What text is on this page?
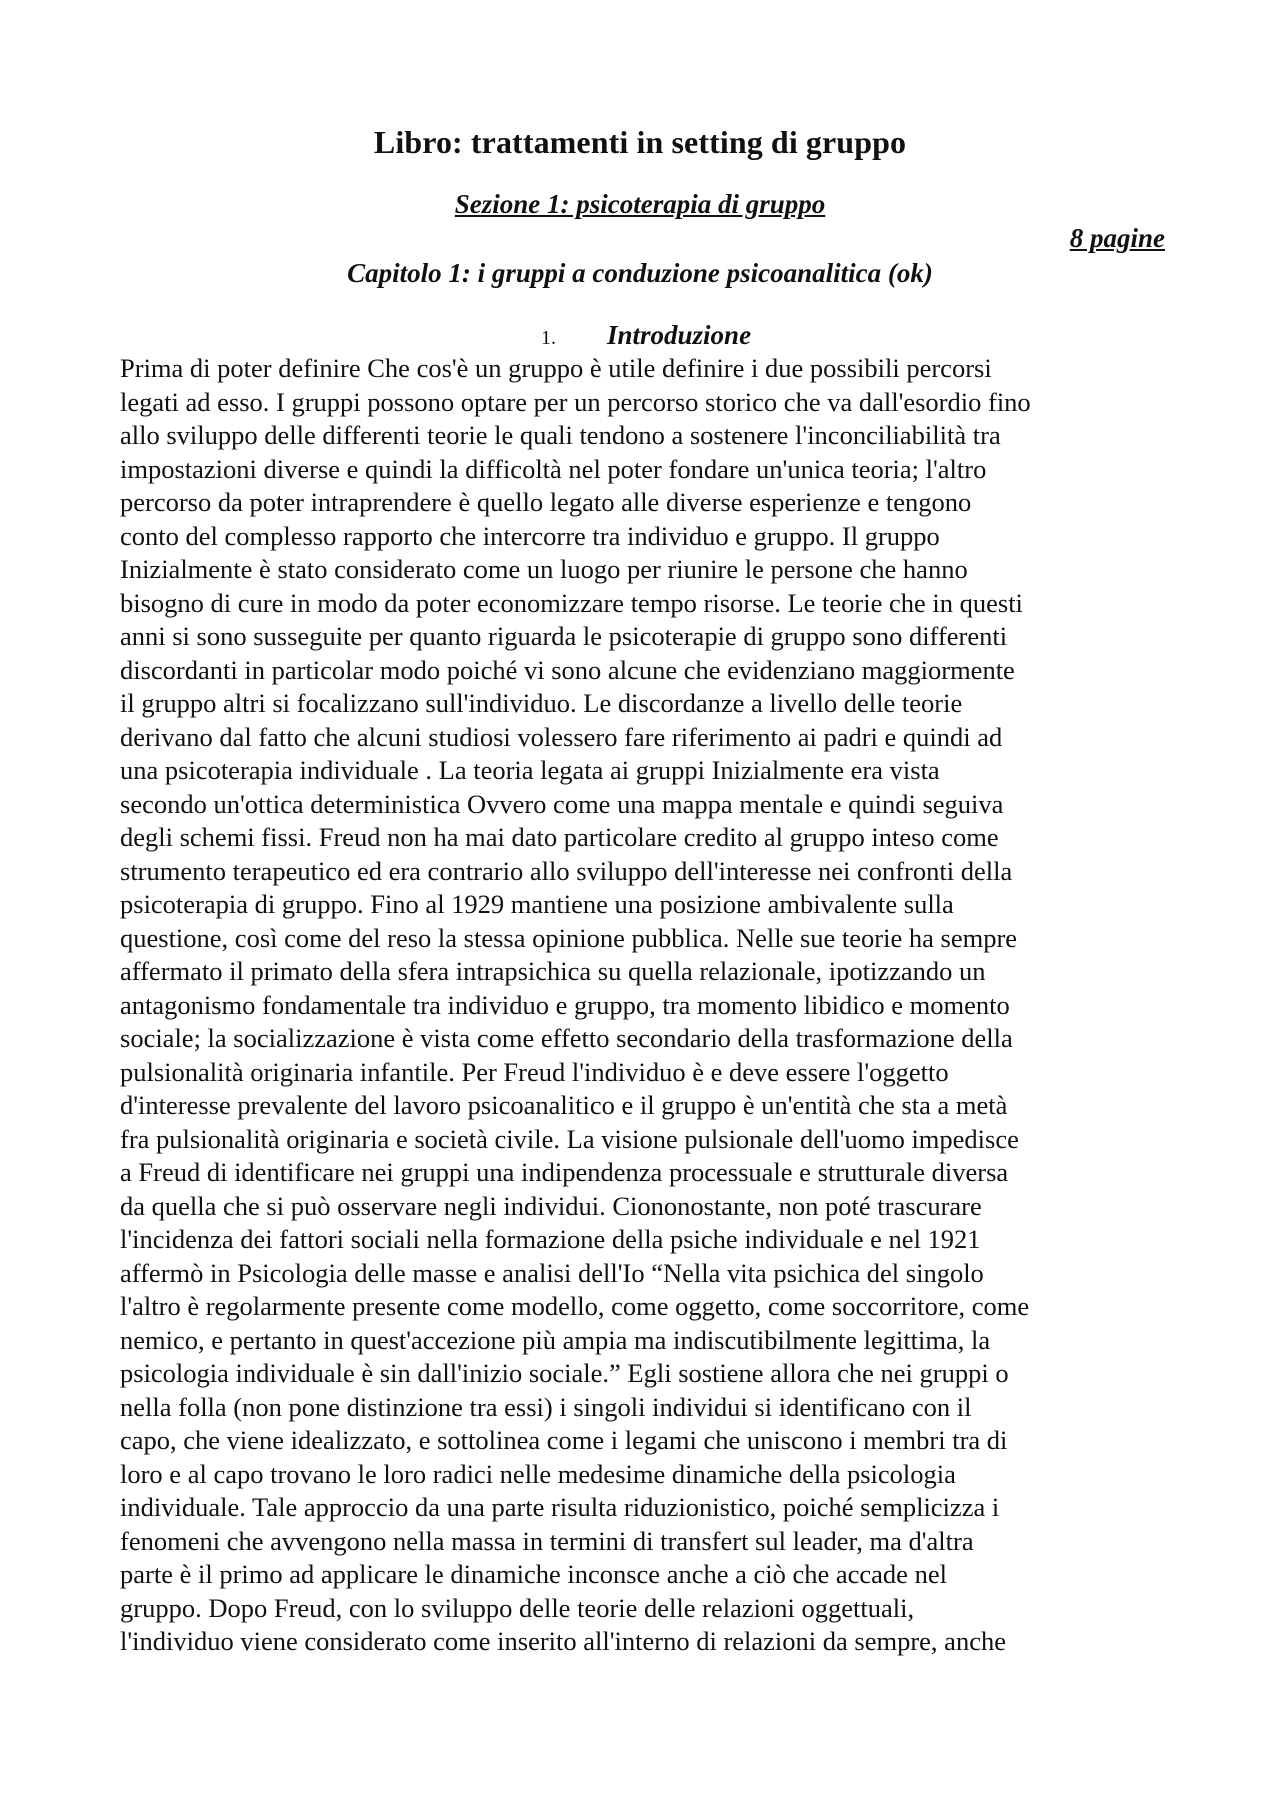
Libro: trattamenti in setting di gruppo
Sezione 1: psicoterapia di gruppo
8 pagine
Capitolo 1: i gruppi a conduzione psicoanalitica (ok)
1. Introduzione
Prima di poter definire Che cos'è un gruppo è utile definire i due possibili percorsi
legati ad esso. I gruppi possono optare per un percorso storico che va dall'esordio fino
allo sviluppo delle differenti teorie le quali tendono a sostenere l'inconciliabilità tra
impostazioni diverse e quindi la difficoltà nel poter fondare un'unica teoria; l'altro
percorso da poter intraprendere è quello legato alle diverse esperienze e tengono
conto del complesso rapporto che intercorre tra individuo e gruppo. Il gruppo
Inizialmente è stato considerato come un luogo per riunire le persone che hanno
bisogno di cure in modo da poter economizzare tempo risorse. Le teorie che in questi
anni si sono susseguite per quanto riguarda le psicoterapie di gruppo sono differenti
discordanti in particolar modo poiché vi sono alcune che evidenziano maggiormente
il gruppo altri si focalizzano sull'individuo. Le discordanze a livello delle teorie
derivano dal fatto che alcuni studiosi volessero fare riferimento ai padri e quindi ad
una psicoterapia individuale . La teoria legata ai gruppi Inizialmente era vista
secondo un'ottica deterministica Ovvero come una mappa mentale e quindi seguiva
degli schemi fissi. Freud non ha mai dato particolare credito al gruppo inteso come
strumento terapeutico ed era contrario allo sviluppo dell'interesse nei confronti della
psicoterapia di gruppo. Fino al 1929 mantiene una posizione ambivalente sulla
questione, così come del reso la stessa opinione pubblica. Nelle sue teorie ha sempre
affermato il primato della sfera intrapsichica su quella relazionale, ipotizzando un
antagonismo fondamentale tra individuo e gruppo, tra momento libidico e momento
sociale; la socializzazione è vista come effetto secondario della trasformazione della
pulsionalità originaria infantile. Per Freud l'individuo è e deve essere l'oggetto
d'interesse prevalente del lavoro psicoanalitico e il gruppo è un'entità che sta a metà
fra pulsionalità originaria e società civile. La visione pulsionale dell'uomo impedisce
a Freud di identificare nei gruppi una indipendenza processuale e strutturale diversa
da quella che si può osservare negli individui. Ciononostante, non poté trascurare
l'incidenza dei fattori sociali nella formazione della psiche individuale e nel 1921
affermò in Psicologia delle masse e analisi dell'Io “Nella vita psichica del singolo
l'altro è regolarmente presente come modello, come oggetto, come soccorritore, come
nemico, e pertanto in quest'accezione più ampia ma indiscutibilmente legittima, la
psicologia individuale è sin dall'inizio sociale.” Egli sostiene allora che nei gruppi o
nella folla (non pone distinzione tra essi) i singoli individui si identificano con il
capo, che viene idealizzato, e sottolinea come i legami che uniscono i membri tra di
loro e al capo trovano le loro radici nelle medesime dinamiche della psicologia
individuale. Tale approccio da una parte risulta riduzionistico, poiché semplicizza i
fenomeni che avvengono nella massa in termini di transfert sul leader, ma d'altra
parte è il primo ad applicare le dinamiche inconsce anche a ciò che accade nel
gruppo. Dopo Freud, con lo sviluppo delle teorie delle relazioni oggettuali,
l'individuo viene considerato come inserito all'interno di relazioni da sempre, anche
